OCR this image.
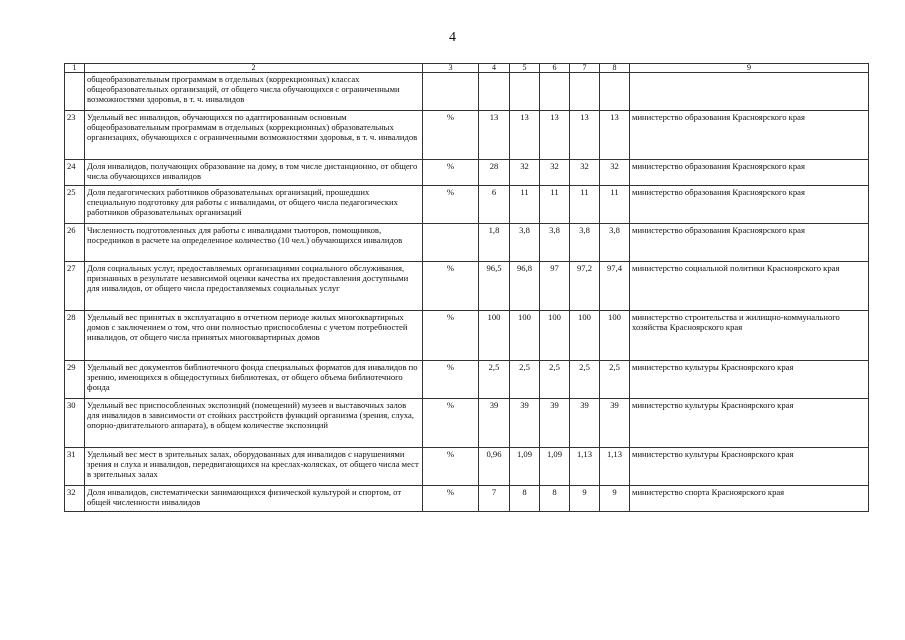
4
1	2	3	4	5	6	7	8	9
	общеобразовательным программам в отдельных (коррекционных) классах общеобразовательных организаций, от общего числа обучающихся с ограниченными возможностями здоровья, в т. ч. инвалидов							
23	Удельный вес инвалидов, обучающихся по адаптированным основным общеобразовательным программам в отдельных (коррекционных) образовательных организациях, обучающихся с ограниченными возможностями здоровья, в т. ч. инвалидов	%	13	13	13	13	13	министерство образования Красноярского края
24	Доля инвалидов, получающих образование на дому, в том числе дистанционно, от общего числа обучающихся инвалидов	%	28	32	32	32	32	министерство образования Красноярского края
25	Доля педагогических работников образовательных организаций, прошедших специальную подготовку для работы с инвалидами, от общего числа педагогических работников образовательных организаций	%	6	11	11	11	11	министерство образования Красноярского края
26	Численность подготовленных для работы с инвалидами тьюторов, помощников, посредников в расчете на определенное количество (10 чел.) обучающихся инвалидов		1,8	3,8	3,8	3,8	3,8	министерство образования Красноярского края
27	Доля социальных услуг, предоставляемых организациями социального обслуживания, признанных в результате независимой оценки качества их предоставления доступными для инвалидов, от общего числа предоставляемых социальных услуг	%	96,5	96,8	97	97,2	97,4	министерство социальной политики Красноярского края
28	Удельный вес принятых в эксплуатацию в отчетном периоде жилых многоквартирных домов с заключением о том, что они полностью приспособлены с учетом потребностей инвалидов, от общего числа принятых многоквартирных домов	%	100	100	100	100	100	министерство строительства и жилищно-коммунального хозяйства Красноярского края
29	Удельный вес документов библиотечного фонда специальных форматов для инвалидов по зрению, имеющихся в общедоступных библиотеках, от общего объема библиотечного фонда	%	2,5	2,5	2,5	2,5	2,5	министерство культуры Красноярского края
30	Удельный вес приспособленных экспозиций (помещений) музеев и выставочных залов для инвалидов в зависимости от стойких расстройств функций организма (зрения, слуха, опорно-двигательного аппарата), в общем количестве экспозиций	%	39	39	39	39	39	министерство культуры Красноярского края
31	Удельный вес мест в зрительных залах, оборудованных для инвалидов с нарушениями зрения и слуха и инвалидов, передвигающихся на креслах-колясках, от общего числа мест в зрительных залах	%	0,96	1,09	1,09	1,13	1,13	министерство культуры Красноярского края
32	Доля инвалидов, систематически занимающихся физической культурой и спортом, от общей численности инвалидов	%	7	8	8	9	9	министерство спорта Красноярского края
